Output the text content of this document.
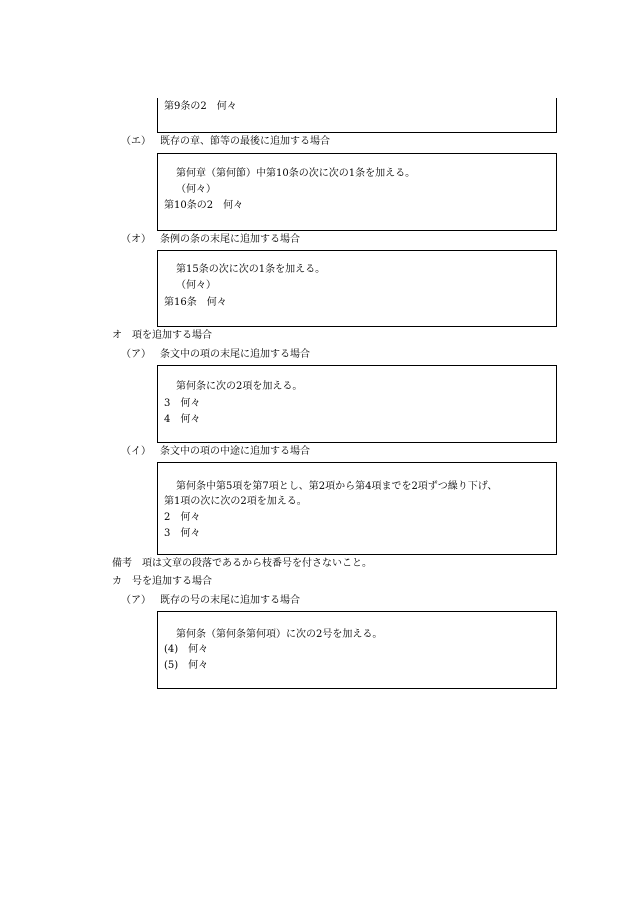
第9条の2　何々
（エ） 既存の章、節等の最後に追加する場合
第何章（第何節）中第10条の次に次の1条を加える。
（何々）
第10条の2　何々
（オ） 条例の条の末尾に追加する場合
第15条の次に次の1条を加える。
（何々）
第16条　何々
オ　項を追加する場合
（ア） 条文中の項の末尾に追加する場合
第何条に次の2項を加える。
3　何々
4　何々
（イ） 条文中の項の中途に追加する場合
第何条中第5項を第7項とし、第2項から第4項までを2項ずつ繰り下げ、
第1項の次に次の2項を加える。
2　何々
3　何々
備考　項は文章の段落であるから枝番号を付さないこと。
カ　号を追加する場合
（ア） 既存の号の末尾に追加する場合
第何条（第何条第何項）に次の2号を加える。
(4)　何々
(5)　何々
